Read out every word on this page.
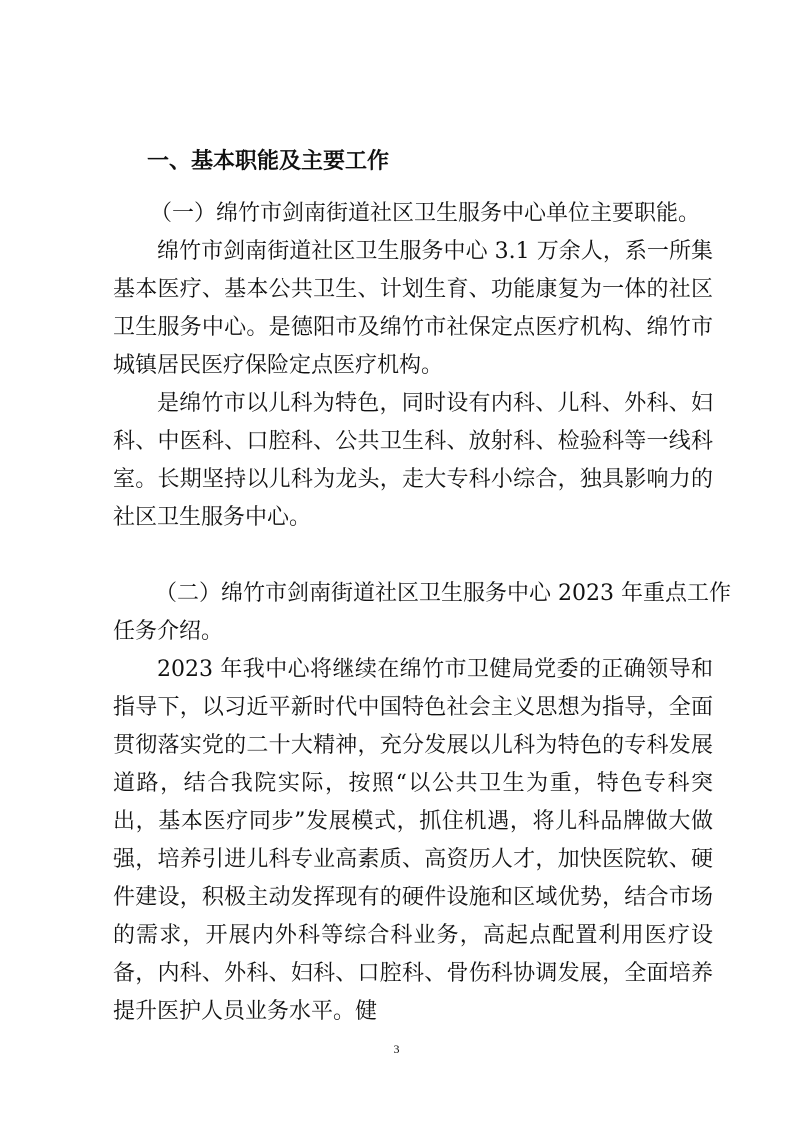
一、基本职能及主要工作

（一）绵竹市剑南街道社区卫生服务中心单位主要职能。

绵竹市剑南街道社区卫生服务中心 3.1 万余人，系一所集基本医疗、基本公共卫生、计划生育、功能康复为一体的社区卫生服务中心。是德阳市及绵竹市社保定点医疗机构、绵竹市城镇居民医疗保险定点医疗机构。

是绵竹市以儿科为特色，同时设有内科、儿科、外科、妇科、中医科、口腔科、公共卫生科、放射科、检验科等一线科室。长期坚持以儿科为龙头，走大专科小综合，独具影响力的社区卫生服务中心。

（二）绵竹市剑南街道社区卫生服务中心 2023 年重点工作

任务介绍。

2023 年我中心将继续在绵竹市卫健局党委的正确领导和指导下，以习近平新时代中国特色社会主义思想为指导，全面贯彻落实党的二十大精神，充分发展以儿科为特色的专科发展道路，结合我院实际，按照“以公共卫生为重，特色专科突出，基本医疗同步”发展模式，抓住机遇，将儿科品牌做大做强，培养引进儿科专业高素质、高资历人才，加快医院软、硬件建设，积极主动发挥现有的硬件设施和区域优势，结合市场的需求，开展内外科等综合科业务，高起点配置利用医疗设备，内科、外科、妇科、口腔科、骨伤科协调发展，全面培养提升医护人员业务水平。健

3
